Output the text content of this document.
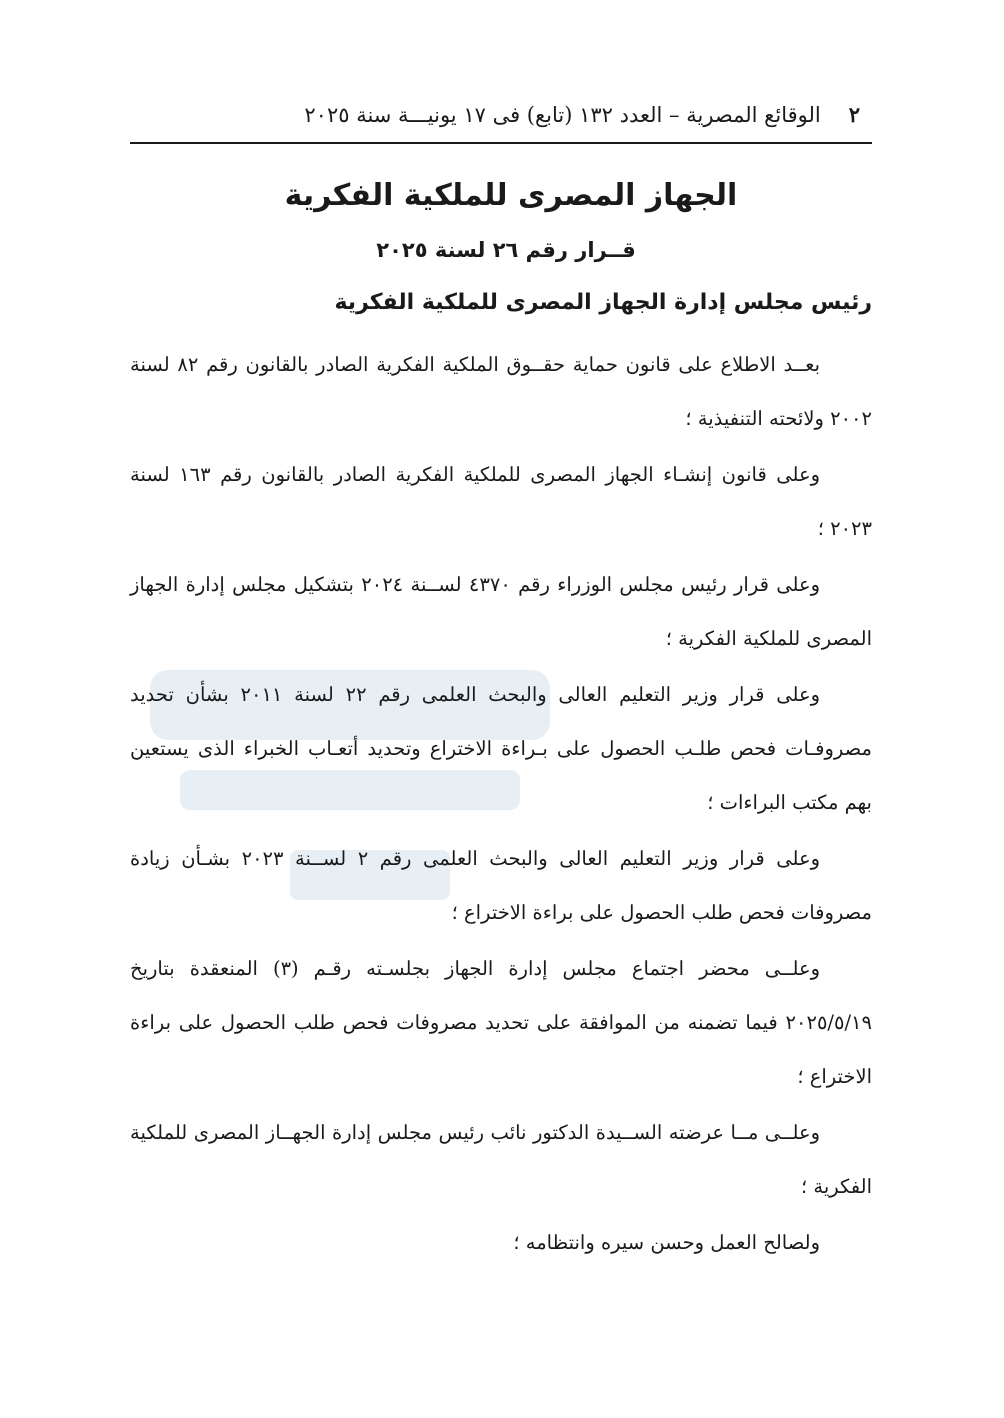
٢
الوقائع المصرية – العدد ١٣٢ (تابع) فى ١٧ يونيـــة سنة ٢٠٢٥
الجهاز المصرى للملكية الفكرية
قــرار رقم ٢٦ لسنة ٢٠٢٥
رئيس مجلس إدارة الجهاز المصرى للملكية الفكرية

بعــد الاطلاع على قانون حماية حقــوق الملكية الفكرية الصادر بالقانون رقم ٨٢ لسنة ٢٠٠٢ ولائحته التنفيذية ؛

وعلى قانون إنشـاء الجهاز المصرى للملكية الفكرية الصادر بالقانون رقم ١٦٣ لسنة ٢٠٢٣ ؛

وعلى قرار رئيس مجلس الوزراء رقم ٤٣٧٠ لســنة ٢٠٢٤ بتشكيل مجلس إدارة الجهاز المصرى للملكية الفكرية ؛

وعلى قرار وزير التعليم العالى والبحث العلمى رقم ٢٢ لسنة ٢٠١١ بشأن تحديد مصروفـات فحص طلـب الحصول على بـراءة الاختراع وتحديد أتعـاب الخبراء الذى يستعين بهم مكتب البراءات ؛

وعلى قرار وزير التعليم العالى والبحث العلمى رقم ٢ لســنة ٢٠٢٣ بشـأن زيادة مصروفات فحص طلب الحصول على براءة الاختراع ؛

وعلــى محضر اجتماع مجلس إدارة الجهاز بجلسـته رقـم (٣) المنعقدة بتاريخ ٢٠٢٥/٥/١٩ فيما تضمنه من الموافقة على تحديد مصروفات فحص طلب الحصول على براءة الاختراع ؛

وعلــى مــا عرضته الســيدة الدكتور نائب رئيس مجلس إدارة الجهــاز المصرى للملكية الفكرية ؛

ولصالح العمل وحسن سيره وانتظامه ؛
